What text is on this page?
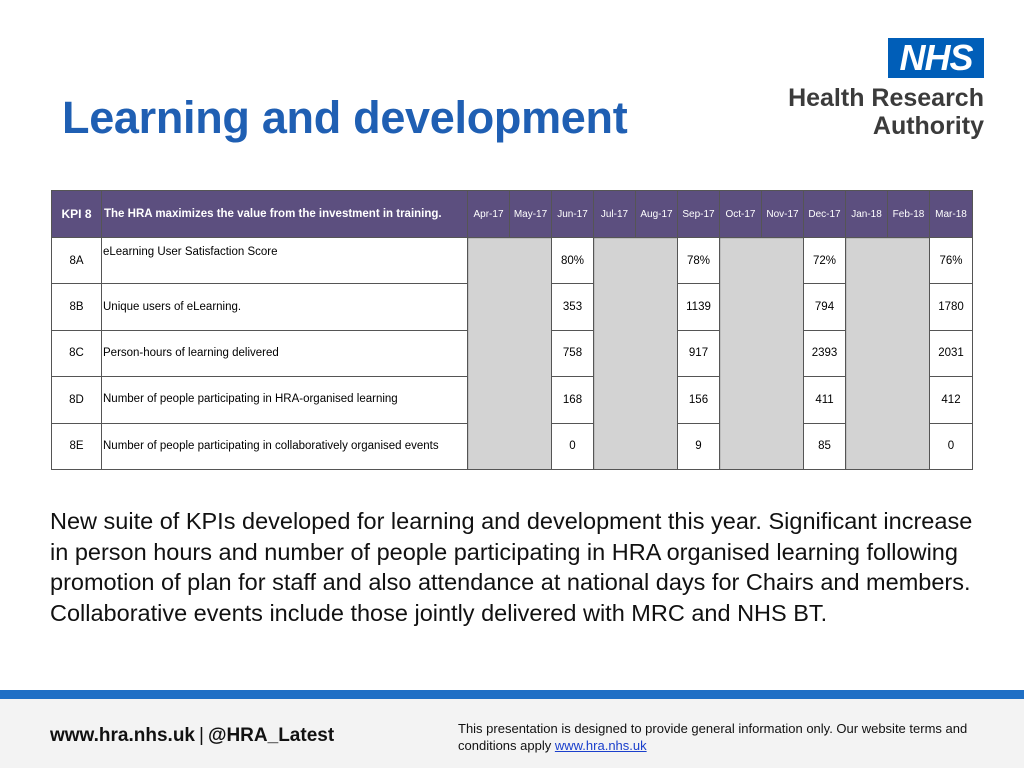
Learning and development
NHS
Health Research
Authority
KPI 8	The HRA maximizes the value from the investment in training.	Apr-17	May-17	Jun-17	Jul-17	Aug-17	Sep-17	Oct-17	Nov-17	Dec-17	Jan-18	Feb-18	Mar-18
8A	eLearning User Satisfaction Score			80%			78%			72%			76%
8B	Unique users of eLearning.			353			1139			794			1780
8C	Person-hours of learning delivered			758			917			2393			2031
8D	Number of people participating in HRA-organised learning			168			156			411			412
8E	Number of people participating in collaboratively organised events			0			9			85			0
New suite of KPIs developed for learning and development this year. Significant increase in person hours and number of people participating in HRA organised learning following promotion of plan for staff and also attendance at national days for Chairs and members. Collaborative events include those jointly delivered with MRC and NHS BT.
www.hra.nhs.uk | @HRA_Latest	This presentation is designed to provide general information only. Our website terms and conditions apply www.hra.nhs.uk
